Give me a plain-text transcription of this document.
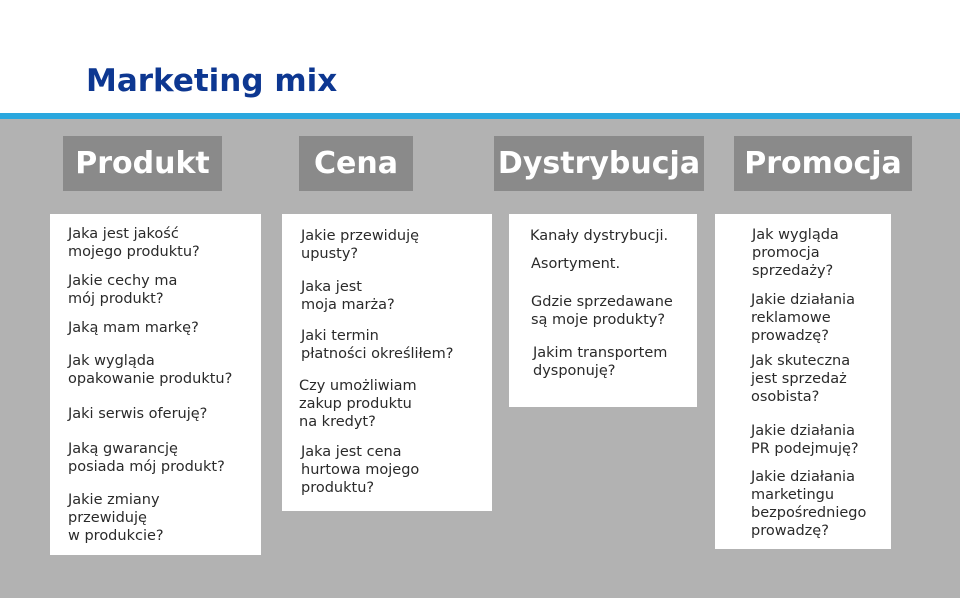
Marketing mix
Produkt
Jaka jest jakość
mojego produktu?
Jakie cechy ma
mój produkt?
Jaką mam markę?
Jak wygląda
opakowanie produktu?
Jaki serwis oferuję?
Jaką gwarancję
posiada mój produkt?
Jakie zmiany
przewiduję
w produkcie?
Cena
Jakie przewiduję
upusty?
Jaka jest
moja marża?
Jaki termin
płatności określiłem?
Czy umożliwiam
zakup produktu
na kredyt?
Jaka jest cena
hurtowa mojego
produktu?
Dystrybucja
Kanały dystrybucji.
Asortyment.
Gdzie sprzedawane
są moje produkty?
Jakim transportem
dysponuję?
Promocja
Jak wygląda
promocja
sprzedaży?
Jakie działania
reklamowe
prowadzę?
Jak skuteczna
jest sprzedaż
osobista?
Jakie działania
PR podejmuję?
Jakie działania
marketingu
bezpośredniego
prowadzę?
